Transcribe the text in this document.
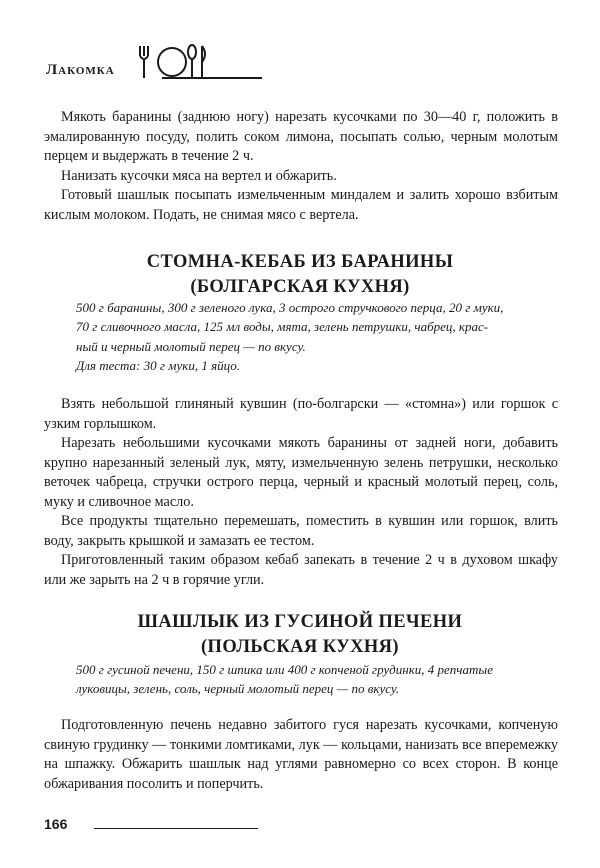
Лакомка

Мякоть баранины (заднюю ногу) нарезать кусочками по 30—40 г, положить в эмалированную посуду, полить соком лимона, посыпать солью, черным молотым перцем и выдержать в течение 2 ч.

Нанизать кусочки мяса на вертел и обжарить.

Готовый шашлык посыпать измельченным миндалем и залить хорошо взбитым кислым молоком. Подать, не снимая мясо с вертела.

СТОМНА-КЕБАБ ИЗ БАРАНИНЫ

(БОЛГАРСКАЯ КУХНЯ)

500 г баранины, 300 г зеленого лука, 3 острого стручкового перца, 20 г муки,
70 г сливочного масла, 125 мл воды, мята, зелень петрушки, чабрец, крас-
ный и черный молотый перец — по вкусу.
Для теста: 30 г муки, 1 яйцо.

Взять небольшой глиняный кувшин (по-болгарски — «стомна») или горшок с узким горлышком.

Нарезать небольшими кусочками мякоть баранины от задней ноги, добавить крупно нарезанный зеленый лук, мяту, измельченную зелень петрушки, несколько веточек чабреца, стручки острого перца, черный и красный молотый перец, соль, муку и сливочное масло.

Все продукты тщательно перемешать, поместить в кувшин или горшок, влить воду, закрыть крышкой и замазать ее тестом.

Приготовленный таким образом кебаб запекать в течение 2 ч в духовом шкафу или же зарыть на 2 ч в горячие угли.

ШАШЛЫК ИЗ ГУСИНОЙ ПЕЧЕНИ

(ПОЛЬСКАЯ КУХНЯ)

500 г гусиной печени, 150 г шпика или 400 г копченой грудинки, 4 репчатые
луковицы, зелень, соль, черный молотый перец — по вкусу.

Подготовленную печень недавно забитого гуся нарезать кусочками, копченую свиную грудинку — тонкими ломтиками, лук — кольцами, нанизать все вперемежку на шпажку. Обжарить шашлык над углями равномерно со всех сторон. В конце обжаривания посолить и поперчить.

166
